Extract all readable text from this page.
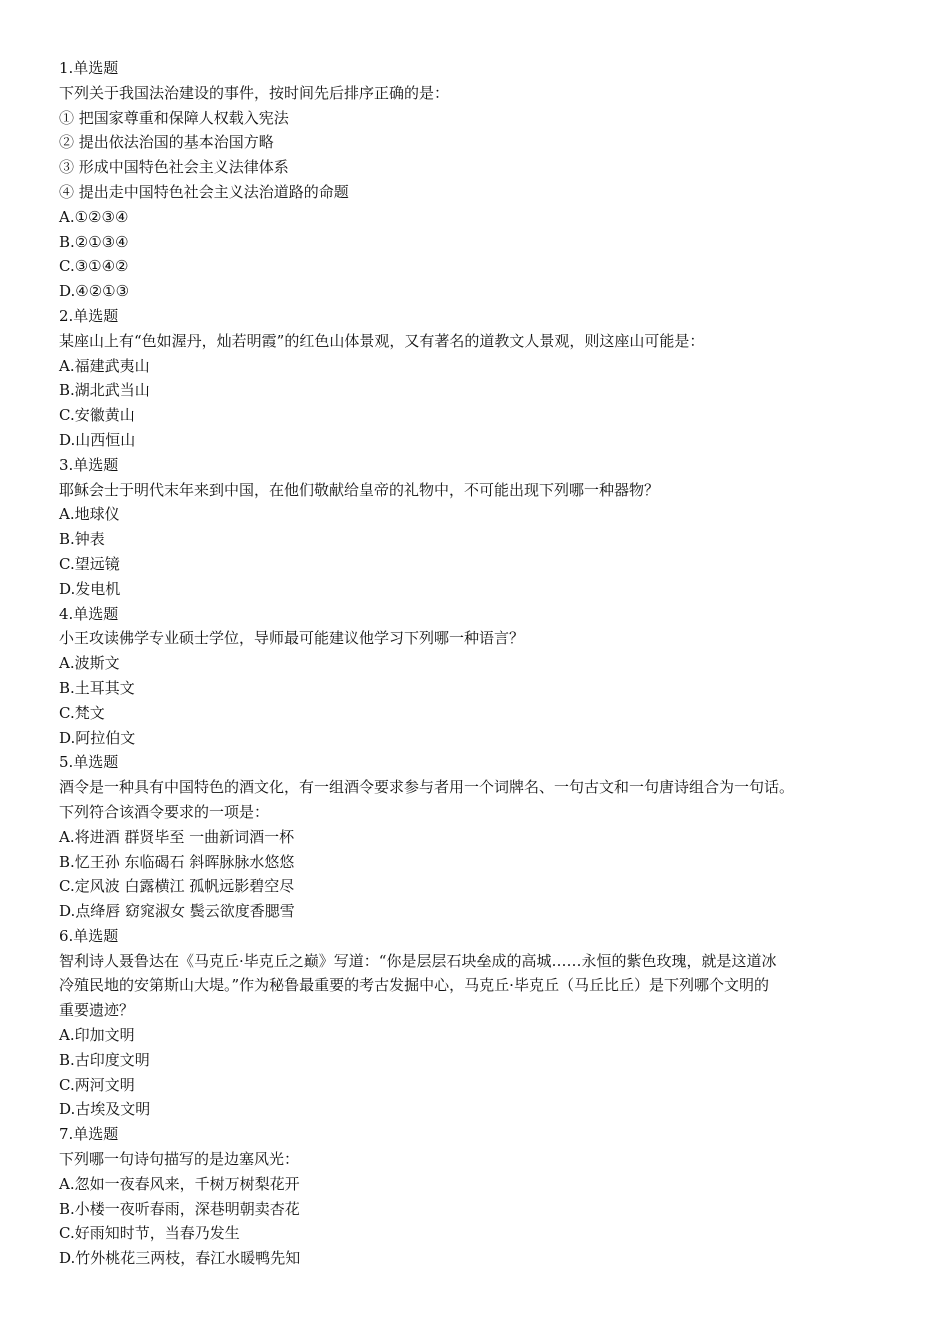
1.单选题
下列关于我国法治建设的事件，按时间先后排序正确的是：
① 把国家尊重和保障人权载入宪法
② 提出依法治国的基本治国方略
③ 形成中国特色社会主义法律体系
④ 提出走中国特色社会主义法治道路的命题
A.①②③④
B.②①③④
C.③①④②
D.④②①③
2.单选题
某座山上有“色如渥丹，灿若明霞”的红色山体景观，又有著名的道教文人景观，则这座山可能是：
A.福建武夷山
B.湖北武当山
C.安徽黄山
D.山西恒山
3.单选题
耶稣会士于明代末年来到中国，在他们敬献给皇帝的礼物中，不可能出现下列哪一种器物？
A.地球仪
B.钟表
C.望远镜
D.发电机
4.单选题
小王攻读佛学专业硕士学位，导师最可能建议他学习下列哪一种语言？
A.波斯文
B.土耳其文
C.梵文
D.阿拉伯文
5.单选题
酒令是一种具有中国特色的酒文化，有一组酒令要求参与者用一个词牌名、一句古文和一句唐诗组合为一句话。
下列符合该酒令要求的一项是：
A.将进酒 群贤毕至 一曲新词酒一杯
B.忆王孙 东临碣石 斜晖脉脉水悠悠
C.定风波 白露横江 孤帆远影碧空尽
D.点绛唇 窈窕淑女 鬓云欲度香腮雪
6.单选题
智利诗人聂鲁达在《马克丘·毕克丘之巅》写道：“你是层层石块垒成的高城……永恒的紫色玫瑰，就是这道冰
冷殖民地的安第斯山大堤。”作为秘鲁最重要的考古发掘中心，马克丘·毕克丘（马丘比丘）是下列哪个文明的
重要遗迹？
A.印加文明
B.古印度文明
C.两河文明
D.古埃及文明
7.单选题
下列哪一句诗句描写的是边塞风光：
A.忽如一夜春风来，千树万树梨花开
B.小楼一夜听春雨，深巷明朝卖杏花
C.好雨知时节，当春乃发生
D.竹外桃花三两枝，春江水暖鸭先知
